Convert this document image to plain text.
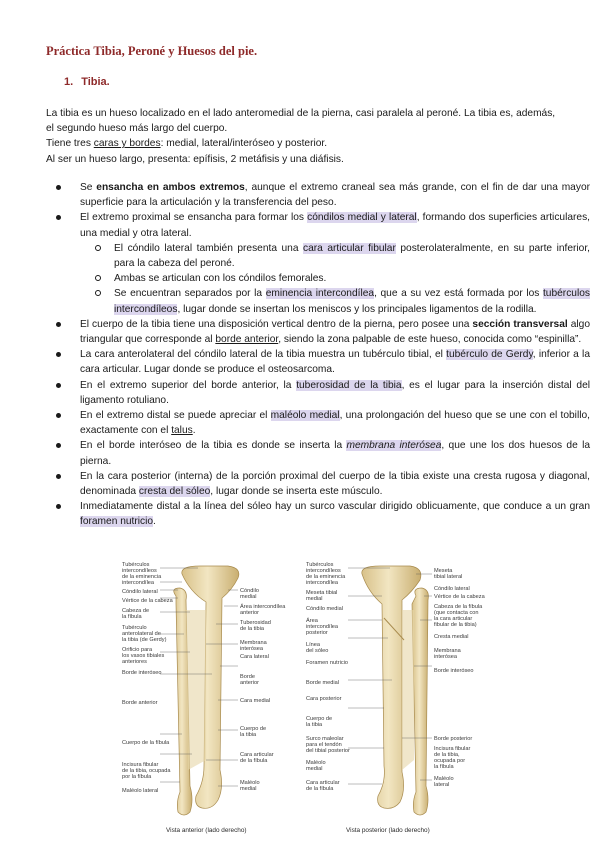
Práctica Tibia, Peroné y Huesos del pie.
1. Tibia.

La tibia es un hueso localizado en el lado anteromedial de la pierna, casi paralela al peroné. La tibia es, además, el segundo hueso más largo del cuerpo.

Tiene tres caras y bordes: medial, lateral/interóseo y posterior.

Al ser un hueso largo, presenta: epífisis, 2 metáfisis y una diáfisis.

Se ensancha en ambos extremos, aunque el extremo craneal sea más grande, con el fin de dar una mayor superficie para la articulación y la transferencia del peso.
El extremo proximal se ensancha para formar los cóndilos medial y lateral, formando dos superficies articulares, una medial y otra lateral.
El cóndilo lateral también presenta una cara articular fibular posterolateralmente, en su parte inferior, para la cabeza del peroné.
Ambas se articulan con los cóndilos femorales.
Se encuentran separados por la eminencia intercondílea, que a su vez está formada por los tubérculos intercondíleos, lugar donde se insertan los meniscos y los principales ligamentos de la rodilla.
El cuerpo de la tibia tiene una disposición vertical dentro de la pierna, pero posee una sección transversal algo triangular que corresponde al borde anterior, siendo la zona palpable de este hueso, conocida como “espinilla”.
La cara anterolateral del cóndilo lateral de la tibia muestra un tubérculo tibial, el tubérculo de Gerdy, inferior a la cara articular. Lugar donde se produce el osteosarcoma.
En el extremo superior del borde anterior, la tuberosidad de la tibia, es el lugar para la inserción distal del ligamento rotuliano.
En el extremo distal se puede apreciar el maléolo medial, una prolongación del hueso que se une con el tobillo, exactamente con el talus.
En el borde interóseo de la tibia es donde se inserta la membrana interósea, que une los dos huesos de la pierna.
En la cara posterior (interna) de la porción proximal del cuerpo de la tibia existe una cresta rugosa y diagonal, denominada cresta del sóleo, lugar donde se inserta este músculo.
Inmediatamente distal a la línea del sóleo hay un surco vascular dirigido oblicuamente, que conduce a un gran foramen nutricio.
Tubérculos
intercondíleos
de la eminencia
intercondílea
Cóndilo lateral
Vértice de la cabeza
Cabeza de
la fíbula
Tubérculo
anterolateral de
la tibia (de Gerdy)
Orificio para
los vasos tibiales
anteriores
Borde interóseo
Borde anterior
Cuerpo de la fíbula
Incisura fibular
de la tibia, ocupada
por la fíbula
Maléolo lateral
Cóndilo
medial
Área intercondílea
anterior
Tuberosidad
de la tibia
Membrana
interósea
Cara lateral
Borde
anterior
Cara medial
Cuerpo de
la tibia
Cara articular
de la fíbula
Maléolo
medial
Tubérculos
intercondíleos
de la eminencia
intercondílea
Meseta tibial
medial
Cóndilo medial
Área
intercondílea
posterior
Línea
del sóleo
Foramen nutricio
Borde medial
Cara posterior
Cuerpo de
la tibia
Surco maleolar
para el tendón
del tibial posterior
Maléolo
medial
Cara articular
de la fíbula
Meseta
tibial lateral
Cóndilo lateral
Vértice de la cabeza
Cabeza de la fíbula
(que contacta con
la cara articular
fibular de la tibia)
Cresta medial
Membrana
interósea
Borde interóseo
Borde posterior
Incisura fibular
de la tibia,
ocupada por
la fíbula
Maléolo
lateral
Vista anterior (lado derecho)	Vista posterior (lado derecho)
